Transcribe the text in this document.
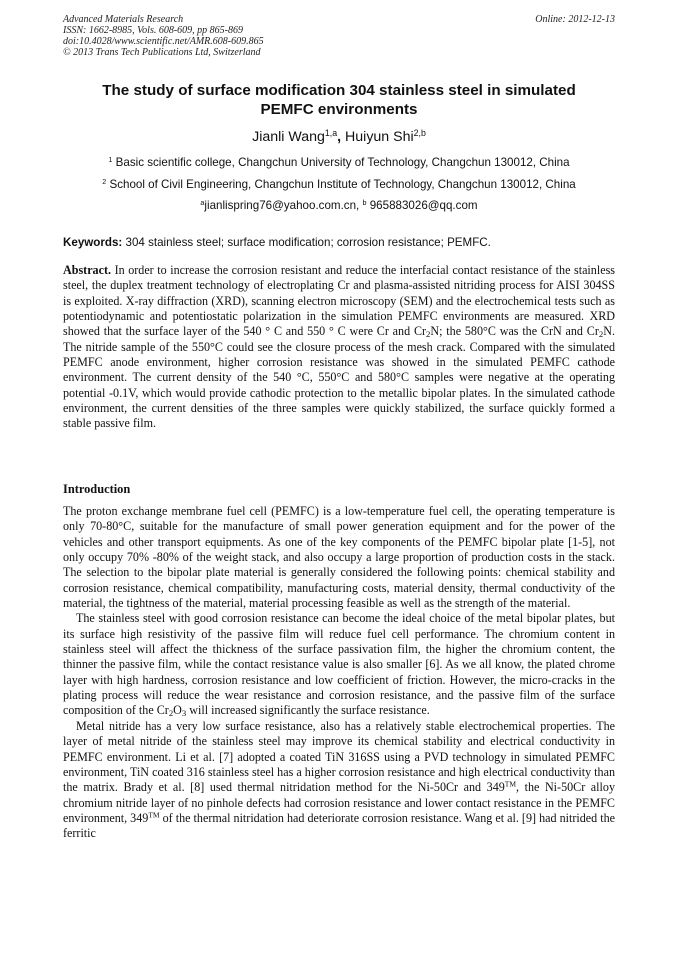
Advanced Materials Research
ISSN: 1662-8985, Vols. 608-609, pp 865-869
doi:10.4028/www.scientific.net/AMR.608-609.865
© 2013 Trans Tech Publications Ltd, Switzerland
Online: 2012-12-13
The study of surface modification 304 stainless steel in simulated
PEMFC environments
Jianli Wang$^{1,a}$, Huiyun Shi$^{2,b}$
$^1$ Basic scientific college, Changchun University of Technology, Changchun 130012, China
$^2$ School of Civil Engineering, Changchun Institute of Technology, Changchun 130012, China
$^a$jianlispring76@yahoo.com.cn, $^b$ 965883026@qq.com
Keywords: 304 stainless steel; surface modification; corrosion resistance; PEMFC.
Abstract. In order to increase the corrosion resistant and reduce the interfacial contact resistance of the stainless steel, the duplex treatment technology of electroplating Cr and plasma-assisted nitriding process for AISI 304SS is exploited. X-ray diffraction (XRD), scanning electron microscopy (SEM) and the electrochemical tests such as potentiodynamic and potentiostatic polarization in the simulation PEMFC environments are measured. XRD showed that the surface layer of the 540 ° C and 550 ° C were Cr and $Cr_2N$; the 580°C was the CrN and $Cr_2N$. The nitride sample of the 550°C could see the closure process of the mesh crack. Compared with the simulated PEMFC anode environment, higher corrosion resistance was showed in the simulated PEMFC cathode environment. The current density of the 540 °C, 550°C and 580°C samples were negative at the operating potential -0.1V, which would provide cathodic protection to the metallic bipolar plates. In the simulated cathode environment, the current densities of the three samples were quickly stabilized, the surface quickly formed a stable passive film.
Introduction

The proton exchange membrane fuel cell (PEMFC) is a low-temperature fuel cell, the operating temperature is only 70-80°C, suitable for the manufacture of small power generation equipment and for the power of the vehicles and other transport equipments. As one of the key components of the PEMFC bipolar plate [1-5], not only occupy 70% -80% of the weight stack, and also occupy a large proportion of production costs in the stack. The selection to the bipolar plate material is generally considered the following points: chemical stability and corrosion resistance, chemical compatibility, manufacturing costs, material density, thermal conductivity of the material, the tightness of the material, material processing feasible as well as the strength of the material.

The stainless steel with good corrosion resistance can become the ideal choice of the metal bipolar plates, but its surface high resistivity of the passive film will reduce fuel cell performance. The chromium content in stainless steel will affect the thickness of the surface passivation film, the higher the chromium content, the thinner the passive film, while the contact resistance value is also smaller [6]. As we all know, the plated chrome layer with high hardness, corrosion resistance and low coefficient of friction. However, the micro-cracks in the plating process will reduce the wear resistance and corrosion resistance, and the passive film of the surface composition of the $Cr_2O_3$ will increased significantly the surface resistance.

Metal nitride has a very low surface resistance, also has a relatively stable electrochemical properties. The layer of metal nitride of the stainless steel may improve its chemical stability and electrical conductivity in PEMFC environment. Li et al. [7] adopted a coated TiN 316SS using a PVD technology in simulated PEMFC environment, TiN coated 316 stainless steel has a higher corrosion resistance and high electrical conductivity than the matrix. Brady et al. [8] used thermal nitridation method for the Ni-50Cr and 349™, the Ni-50Cr alloy chromium nitride layer of no pinhole defects had corrosion resistance and lower contact resistance in the PEMFC environment, 349™ of the thermal nitridation had deteriorate corrosion resistance. Wang et al. [9] had nitrided the ferritic
